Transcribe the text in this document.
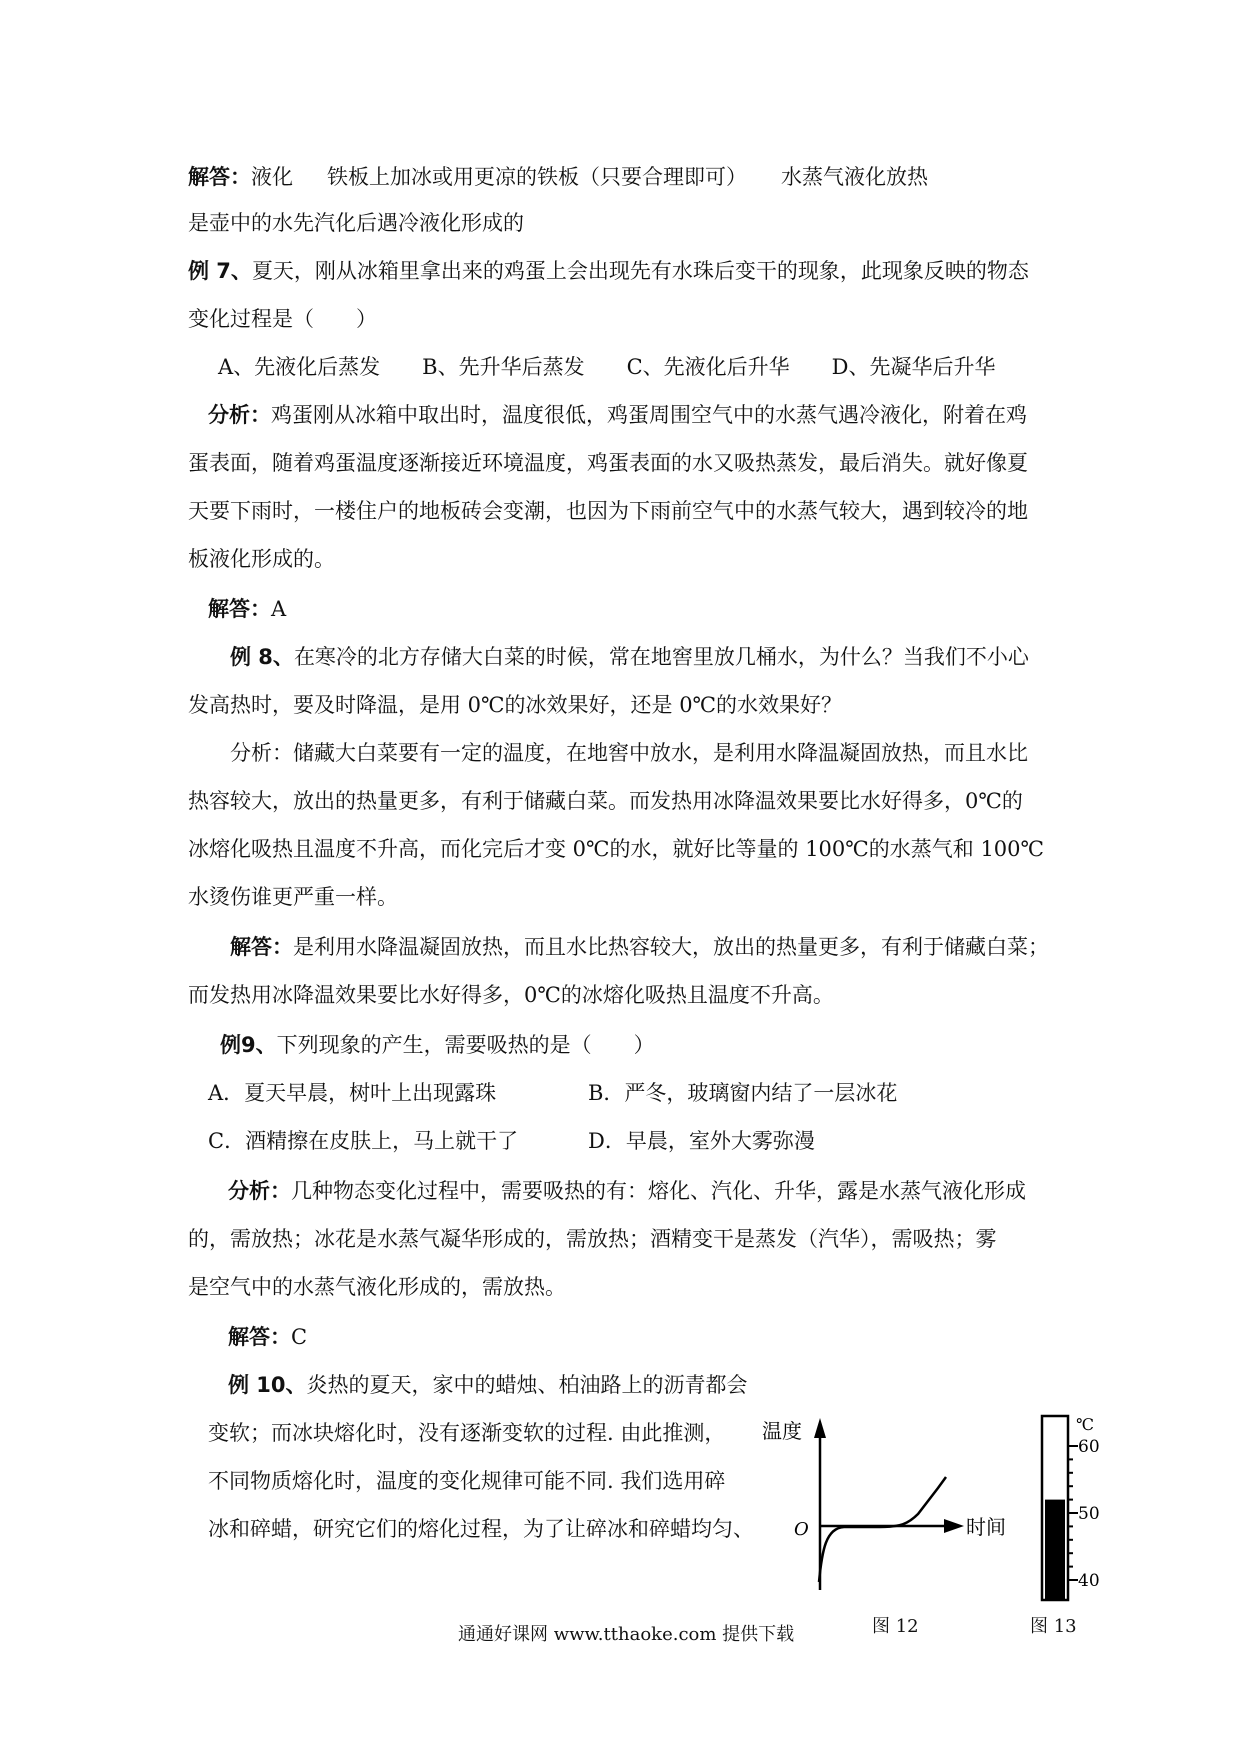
解答：液化 铁板上加冰或用更凉的铁板（只要合理即可） 水蒸气液化放热
是壶中的水先汽化后遇冷液化形成的
例 7、夏天，刚从冰箱里拿出来的鸡蛋上会出现先有水珠后变干的现象，此现象反映的物态
变化过程是（　　）
A、先液化后蒸发　　B、先升华后蒸发　　C、先液化后升华　　D、先凝华后升华
分析：鸡蛋刚从冰箱中取出时，温度很低，鸡蛋周围空气中的水蒸气遇冷液化，附着在鸡
蛋表面，随着鸡蛋温度逐渐接近环境温度，鸡蛋表面的水又吸热蒸发，最后消失。就好像夏
天要下雨时，一楼住户的地板砖会变潮，也因为下雨前空气中的水蒸气较大，遇到较冷的地
板液化形成的。
解答：A
例 8、在寒冷的北方存储大白菜的时候，常在地窖里放几桶水，为什么？当我们不小心
发高热时，要及时降温，是用 0℃的冰效果好，还是 0℃的水效果好？
分析：储藏大白菜要有一定的温度，在地窖中放水，是利用水降温凝固放热，而且水比
热容较大，放出的热量更多，有利于储藏白菜。而发热用冰降温效果要比水好得多，0℃的
冰熔化吸热且温度不升高，而化完后才变 0℃的水，就好比等量的 100℃的水蒸气和 100℃
水烫伤谁更严重一样。
解答：是利用水降温凝固放热，而且水比热容较大，放出的热量更多，有利于储藏白菜；
而发热用冰降温效果要比水好得多，0℃的冰熔化吸热且温度不升高。
例9、下列现象的产生，需要吸热的是（　　）
A．夏天早晨，树叶上出现露珠	B．严冬，玻璃窗内结了一层冰花
C．酒精擦在皮肤上，马上就干了	D．早晨，室外大雾弥漫
分析：几种物态变化过程中，需要吸热的有：熔化、汽化、升华，露是水蒸气液化形成
的，需放热；冰花是水蒸气凝华形成的，需放热；酒精变干是蒸发（汽华），需吸热；雾
是空气中的水蒸气液化形成的，需放热。
解答：C
例 10、炎热的夏天，家中的蜡烛、柏油路上的沥青都会
变软；而冰块熔化时，没有逐渐变软的过程. 由此推测，
不同物质熔化时，温度的变化规律可能不同. 我们选用碎
冰和碎蜡，研究它们的熔化过程，为了让碎冰和碎蜡均匀、
温度
时间
O
图 12
℃
60
50
40
图 13
通通好课网 www.tthaoke.com 提供下载
